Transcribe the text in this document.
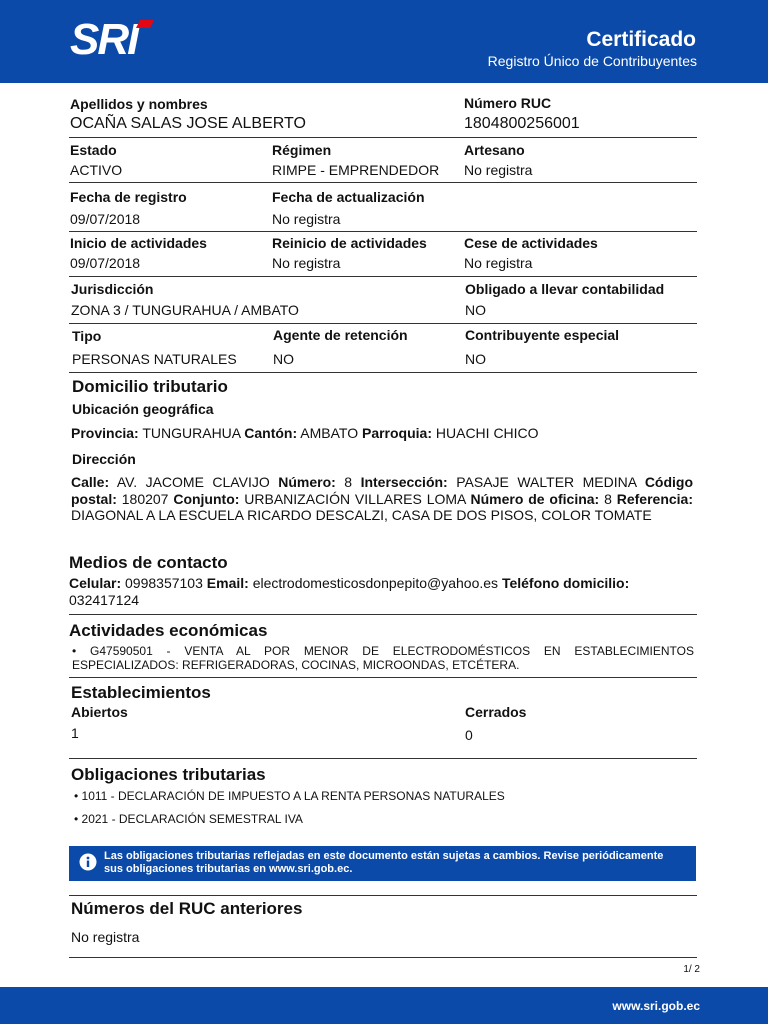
SRI	Certificado
Registro Único de Contribuyentes
Apellidos y nombres
OCAÑA SALAS JOSE ALBERTO
Número RUC
1804800256001
Estado
ACTIVO
Régimen
RIMPE - EMPRENDEDOR
Artesano
No registra
Fecha de registro
09/07/2018
Fecha de actualización
No registra
Inicio de actividades
09/07/2018
Reinicio de actividades
No registra
Cese de actividades
No registra
Jurisdicción
ZONA 3 / TUNGURAHUA / AMBATO
Obligado a llevar contabilidad
NO
Tipo
PERSONAS NATURALES
Agente de retención
NO
Contribuyente especial
NO
Domicilio tributario
Ubicación geográfica
Provincia: TUNGURAHUA Cantón: AMBATO Parroquia: HUACHI CHICO
Dirección
Calle: AV. JACOME CLAVIJO Número: 8 Intersección: PASAJE WALTER MEDINA Código postal: 180207 Conjunto: URBANIZACIÓN VILLARES LOMA Número de oficina: 8 Referencia: DIAGONAL A LA ESCUELA RICARDO DESCALZI, CASA DE DOS PISOS, COLOR TOMATE
Medios de contacto
Celular: 0998357103 Email: electrodomesticosdonpepito@yahoo.es Teléfono domicilio: 032417124
Actividades económicas
• G47590501 - VENTA AL POR MENOR DE ELECTRODOMÉSTICOS EN ESTABLECIMIENTOS ESPECIALIZADOS: REFRIGERADORAS, COCINAS, MICROONDAS, ETCÉTERA.
Establecimientos
Abiertos
1
Cerrados
0
Obligaciones tributarias
• 1011 - DECLARACIÓN DE IMPUESTO A LA RENTA PERSONAS NATURALES
• 2021 - DECLARACIÓN SEMESTRAL IVA
Las obligaciones tributarias reflejadas en este documento están sujetas a cambios. Revise periódicamente sus obligaciones tributarias en www.sri.gob.ec.
Números del RUC anteriores
No registra
1/ 2
www.sri.gob.ec
